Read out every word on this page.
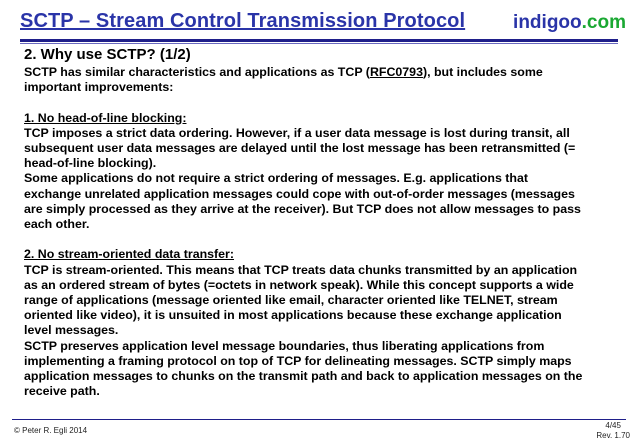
SCTP – Stream Control Transmission Protocol	indigoo.com

2. Why use SCTP? (1/2)

SCTP has similar characteristics and applications as TCP (RFC0793), but includes some

important improvements:

1. No head-of-line blocking:

TCP imposes a strict data ordering. However, if a user data message is lost during transit, all

subsequent user data messages are delayed until the lost message has been retransmitted (=

head-of-line blocking).

Some applications do not require a strict ordering of messages. E.g. applications that

exchange unrelated application messages could cope with out-of-order messages (messages

are simply processed as they arrive at the receiver). But TCP does not allow messages to pass

each other.

2. No stream-oriented data transfer:

TCP is stream-oriented. This means that TCP treats data chunks transmitted by an application

as an ordered stream of bytes (=octets in network speak). While this concept supports a wide

range of applications (message oriented like email, character oriented like TELNET, stream

oriented like video), it is unsuited in most applications because these exchange application

level messages.

SCTP preserves application level message boundaries, thus liberating applications from

implementing a framing protocol on top of TCP for delineating messages. SCTP simply maps

application messages to chunks on the transmit path and back to application messages on the

receive path.

© Peter R. Egli 2014
4/45
Rev. 1.70
